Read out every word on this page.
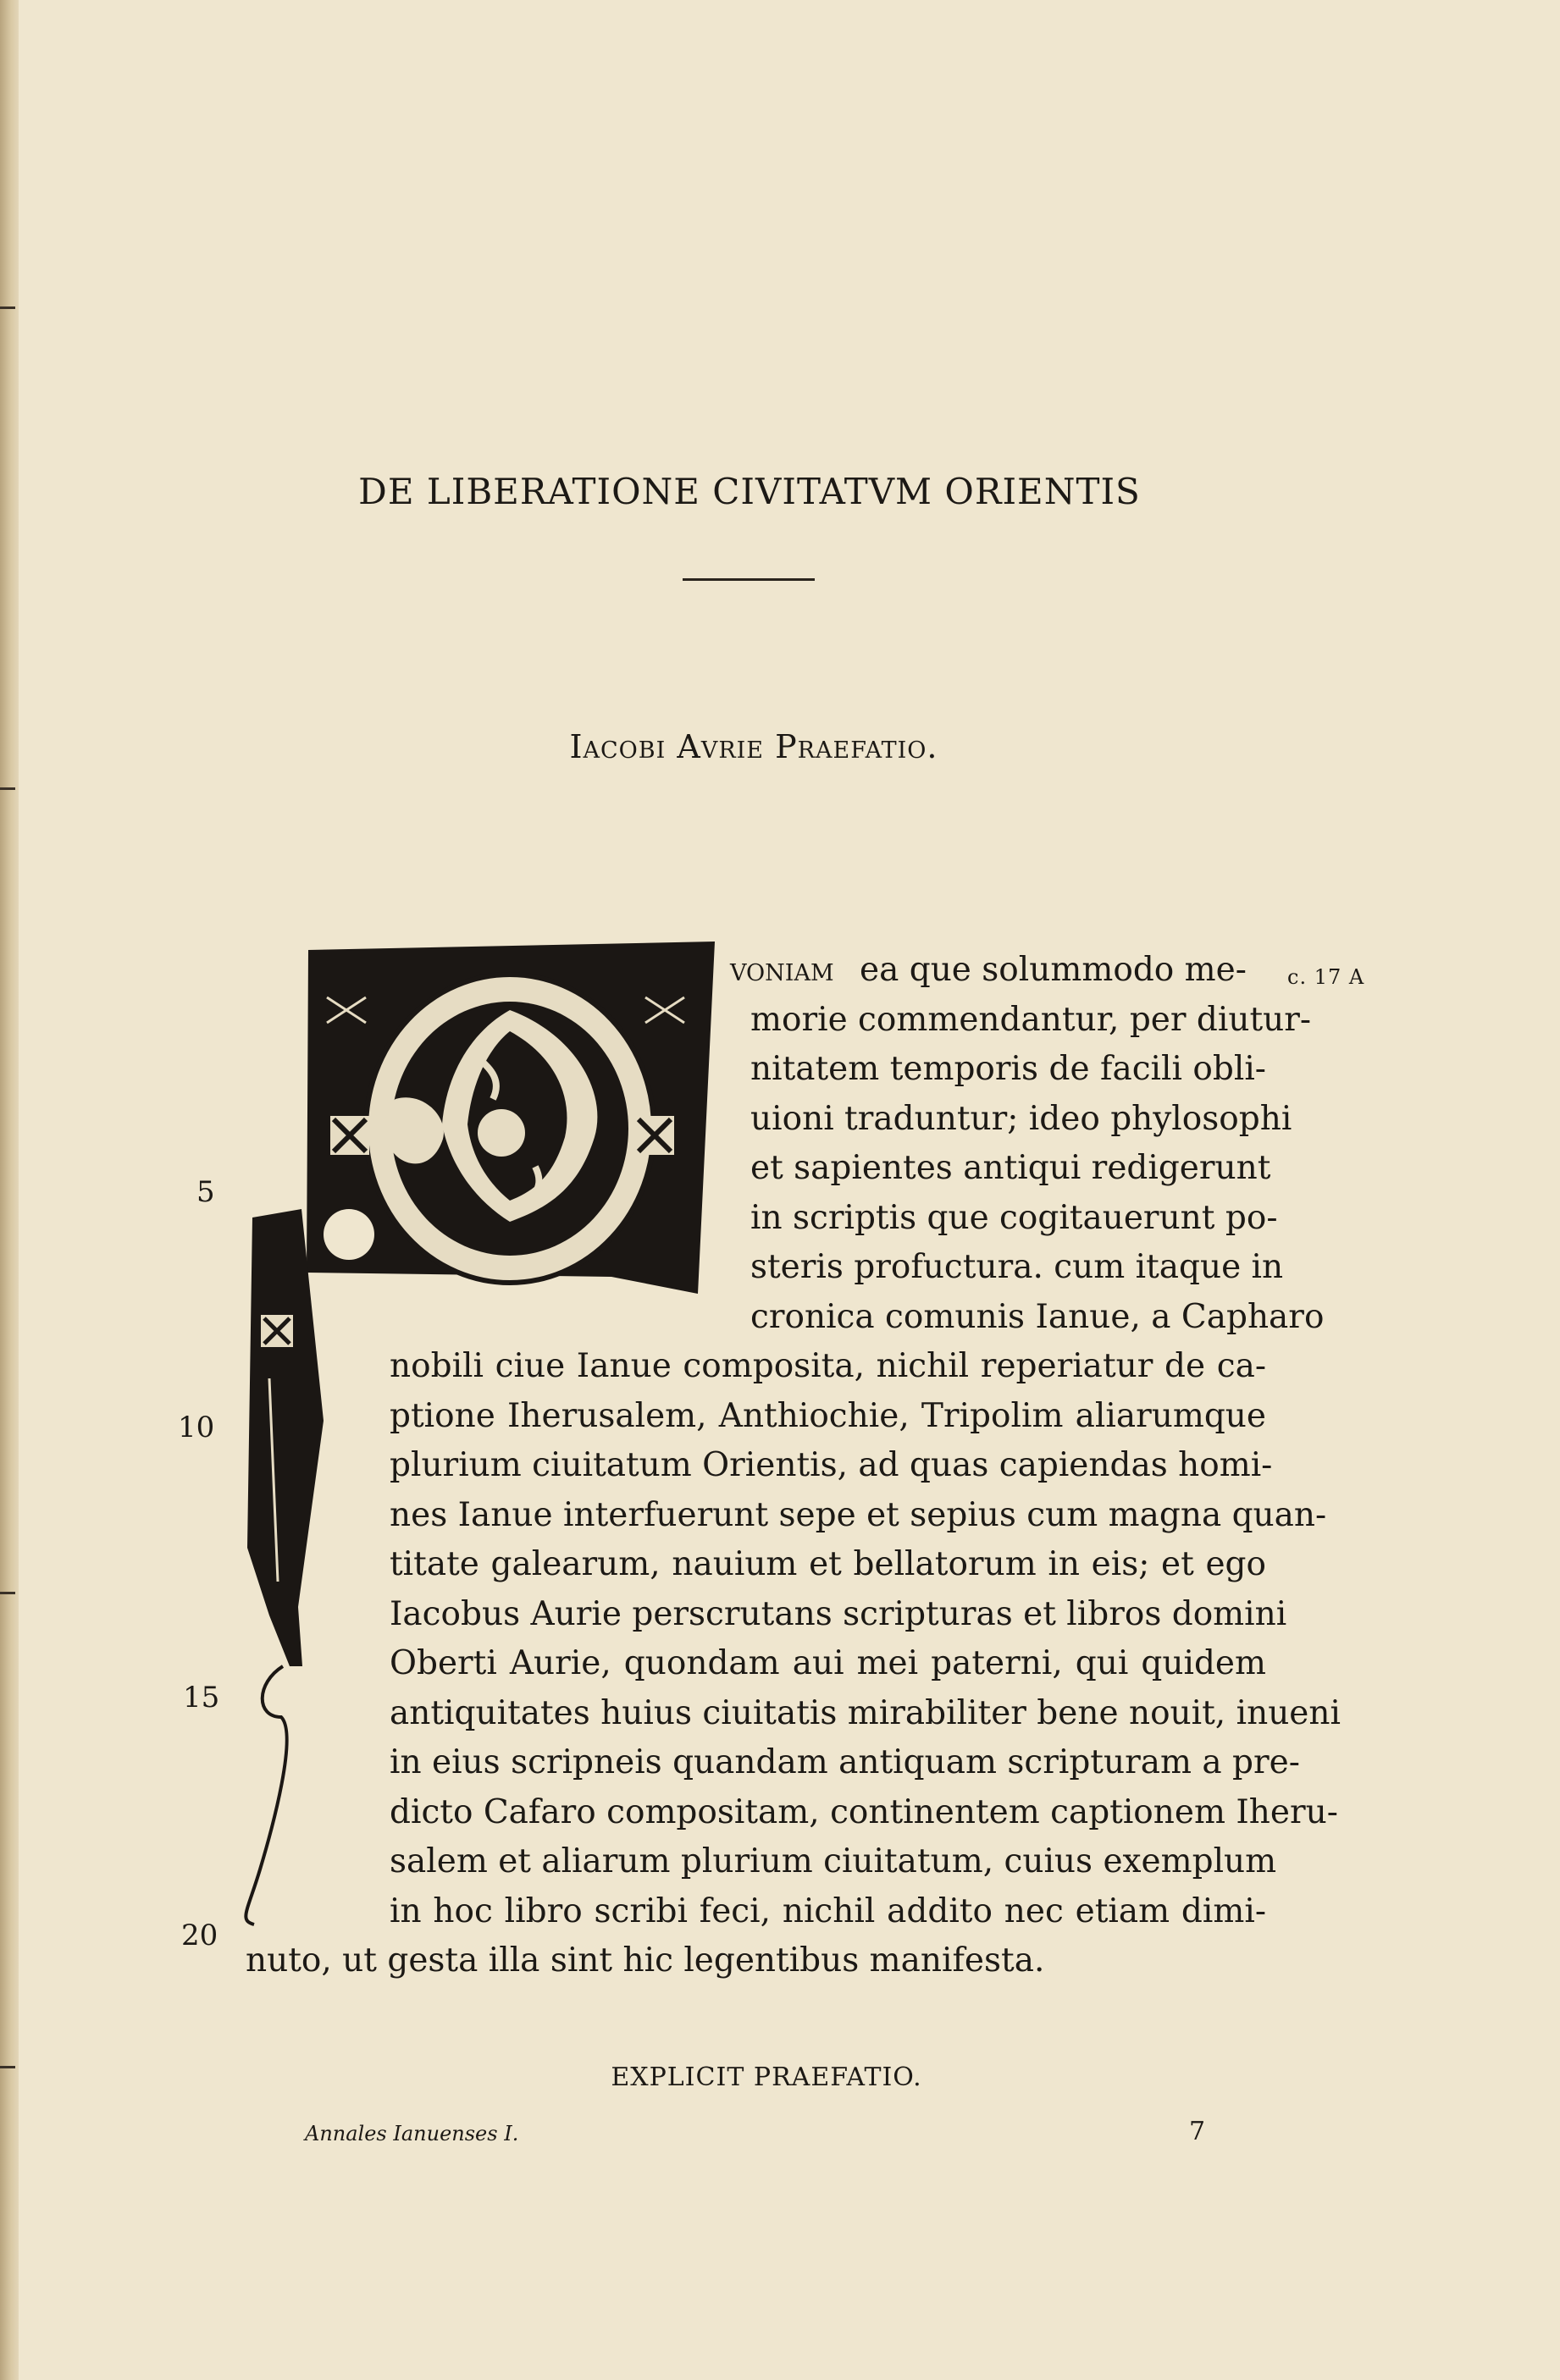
DE LIBERATIONE CIVITATVM ORIENTIS
Iacobi Avrie Praefatio.
voniam ea que solummodo me-
morie commendantur, per diutur-
nitatem temporis de facili obli-
uioni traduntur; ideo phylosophi
et sapientes antiqui redigerunt
in scriptis que cogitauerunt po-
steris profuctura. cum itaque in
cronica comunis Ianue, a Capharo
nobili ciue Ianue composita, nichil reperiatur de ca-
ptione Iherusalem, Anthiochie, Tripolim aliarumque
plurium ciuitatum Orientis, ad quas capiendas homi-
nes Ianue interfuerunt sepe et sepius cum magna quan-
titate galearum, nauium et bellatorum in eis; et ego
Iacobus Aurie perscrutans scripturas et libros domini
Oberti Aurie, quondam aui mei paterni, qui quidem
antiquitates huius ciuitatis mirabiliter bene nouit, inueni
in eius scripneis quandam antiquam scripturam a pre-
dicto Cafaro compositam, continentem captionem Iheru-
salem et aliarum plurium ciuitatum, cuius exemplum
in hoc libro scribi feci, nichil addito nec etiam dimi-
nuto, ut gesta illa sint hic legentibus manifesta.
5
10
15
20
c. 17 A
EXPLICIT PRAEFATIO.
Annales Ianuenses I.	7
